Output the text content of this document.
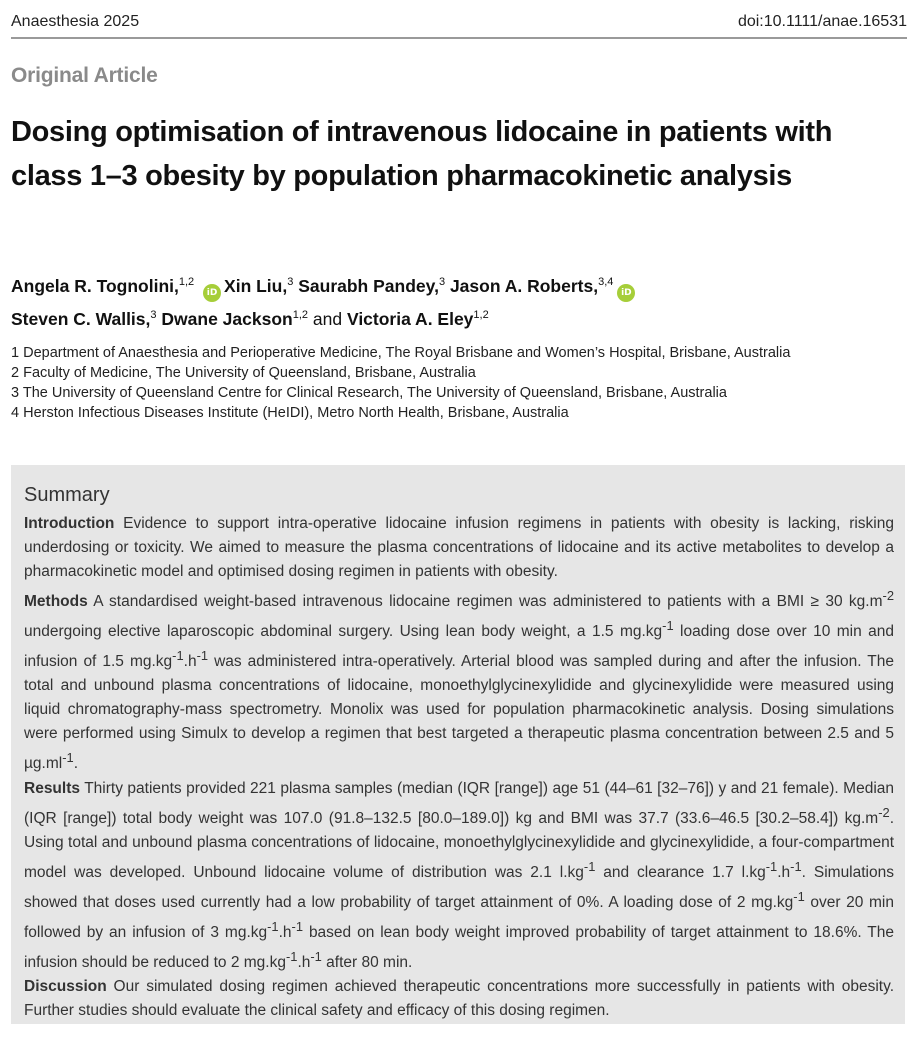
Anaesthesia 2025	doi:10.1111/anae.16531
Original Article
Dosing optimisation of intravenous lidocaine in patients with class 1–3 obesity by population pharmacokinetic analysis
Angela R. Tognolini,$^{1,2}$ iD Xin Liu,$^3$ Saurabh Pandey,$^3$ Jason A. Roberts,$^{3,4}$iD
Steven C. Wallis,$^3$ Dwane Jackson$^{1,2}$ and Victoria A. Eley$^{1,2}$
1 Department of Anaesthesia and Perioperative Medicine, The Royal Brisbane and Women’s Hospital, Brisbane, Australia
2 Faculty of Medicine, The University of Queensland, Brisbane, Australia
3 The University of Queensland Centre for Clinical Research, The University of Queensland, Brisbane, Australia
4 Herston Infectious Diseases Institute (HeIDI), Metro North Health, Brisbane, Australia
Summary

Introduction Evidence to support intra-operative lidocaine infusion regimens in patients with obesity is lacking, risking underdosing or toxicity. We aimed to measure the plasma concentrations of lidocaine and its active metabolites to develop a pharmacokinetic model and optimised dosing regimen in patients with obesity.

Methods A standardised weight-based intravenous lidocaine regimen was administered to patients with a BMI ≥ 30 $kg.m^{-2}$ undergoing elective laparoscopic abdominal surgery. Using lean body weight, a 1.5 $mg.kg^{-1}$ loading dose over 10 min and infusion of 1.5 $mg.kg^{-1}.h^{-1}$ was administered intra-operatively. Arterial blood was sampled during and after the infusion. The total and unbound plasma concentrations of lidocaine, monoethylglycinexylidide and glycinexylidide were measured using liquid chromatography-mass spectrometry. Monolix was used for population pharmacokinetic analysis. Dosing simulations were performed using Simulx to develop a regimen that best targeted a therapeutic plasma concentration between 2.5 and 5 $\mu g.ml^{-1}$.

Results Thirty patients provided 221 plasma samples (median (IQR [range]) age 51 (44–61 [32–76]) y and 21 female). Median (IQR [range]) total body weight was 107.0 (91.8–132.5 [80.0–189.0]) kg and BMI was 37.7 (33.6–46.5 [30.2–58.4]) $kg.m^{-2}$. Using total and unbound plasma concentrations of lidocaine, monoethylglycinexylidide and glycinexylidide, a four-compartment model was developed. Unbound lidocaine volume of distribution was 2.1 $l.kg^{-1}$ and clearance 1.7 $l.kg^{-1}.h^{-1}$. Simulations showed that doses used currently had a low probability of target attainment of 0%. A loading dose of 2 $mg.kg^{-1}$ over 20 min followed by an infusion of 3 $mg.kg^{-1}.h^{-1}$ based on lean body weight improved probability of target attainment to 18.6%. The infusion should be reduced to 2 $mg.kg^{-1}.h^{-1}$ after 80 min.

Discussion Our simulated dosing regimen achieved therapeutic concentrations more successfully in patients with obesity. Further studies should evaluate the clinical safety and efficacy of this dosing regimen.
